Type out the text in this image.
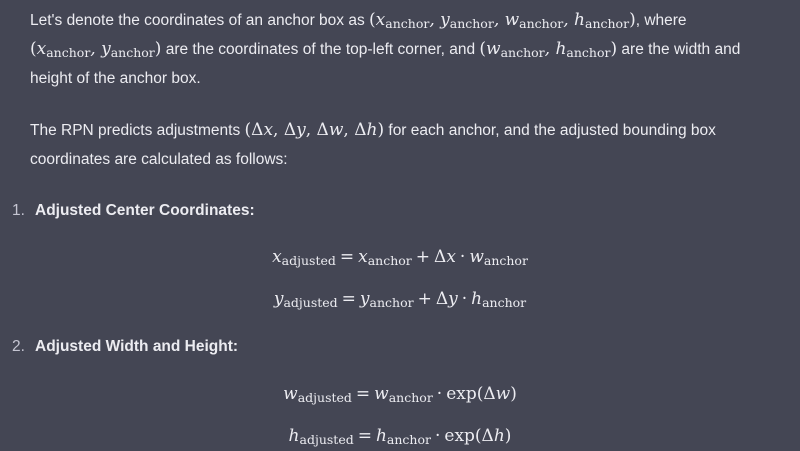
Let's denote the coordinates of an anchor box as ($x_{anchor}$, $y_{anchor}$, $w_{anchor}$, $h_{anchor}$), where
($x_{anchor}$, $y_{anchor}$) are the coordinates of the top-left corner, and ($w_{anchor}$, $h_{anchor}$) are the width and height of the anchor box.

The RPN predicts adjustments (Δx, Δy, Δw, Δh) for each anchor, and the adjusted bounding box coordinates are calculated as follows:

1. Adjusted Center Coordinates:
$x_{adjusted} = x_{anchor} + \Delta x \cdot w_{anchor}$
$y_{adjusted} = y_{anchor} + \Delta y \cdot h_{anchor}$
2. Adjusted Width and Height:
$w_{adjusted} = w_{anchor} \cdot \exp(\Delta w)$
$h_{adjusted} = h_{anchor} \cdot \exp(\Delta h)$
